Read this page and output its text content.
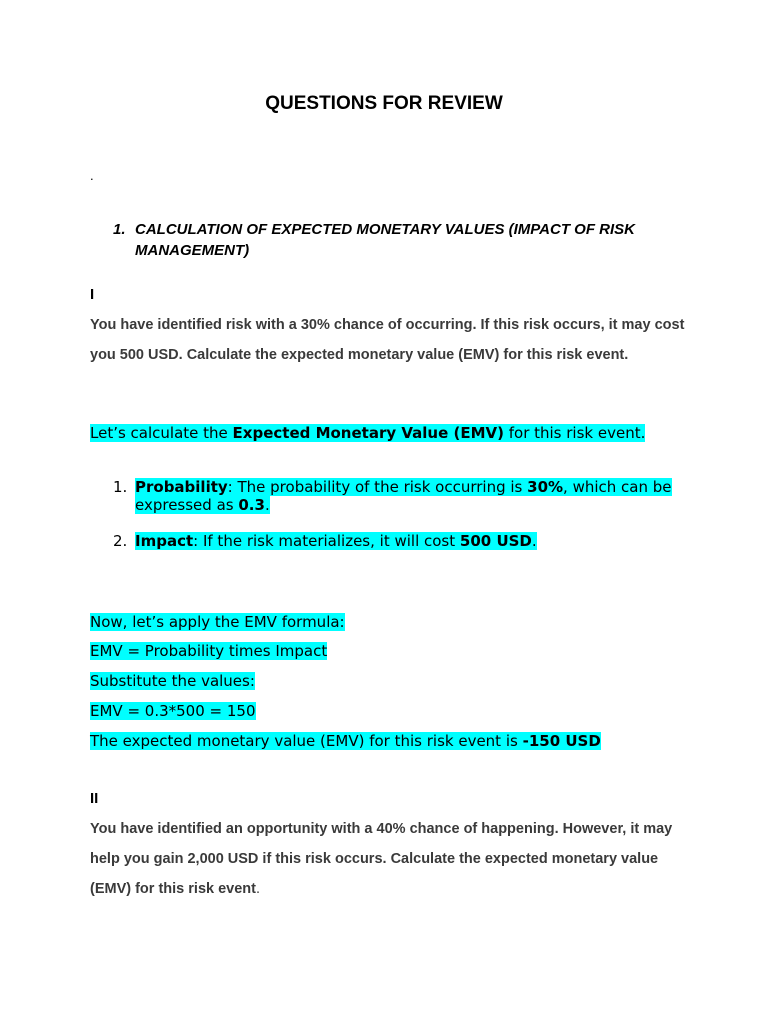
QUESTIONS FOR REVIEW
.
1. CALCULATION OF EXPECTED MONETARY VALUES (IMPACT OF RISK MANAGEMENT)
I
You have identified risk with a 30% chance of occurring. If this risk occurs, it may cost you 500 USD. Calculate the expected monetary value (EMV) for this risk event.
Let’s calculate the Expected Monetary Value (EMV) for this risk event.
1. Probability: The probability of the risk occurring is 30%, which can be expressed as 0.3.
2. Impact: If the risk materializes, it will cost 500 USD.
Now, let’s apply the EMV formula:
EMV = Probability times Impact
Substitute the values:
EMV = 0.3*500 = 150
The expected monetary value (EMV) for this risk event is -150 USD
II
You have identified an opportunity with a 40% chance of happening. However, it may help you gain 2,000 USD if this risk occurs. Calculate the expected monetary value (EMV) for this risk event.
